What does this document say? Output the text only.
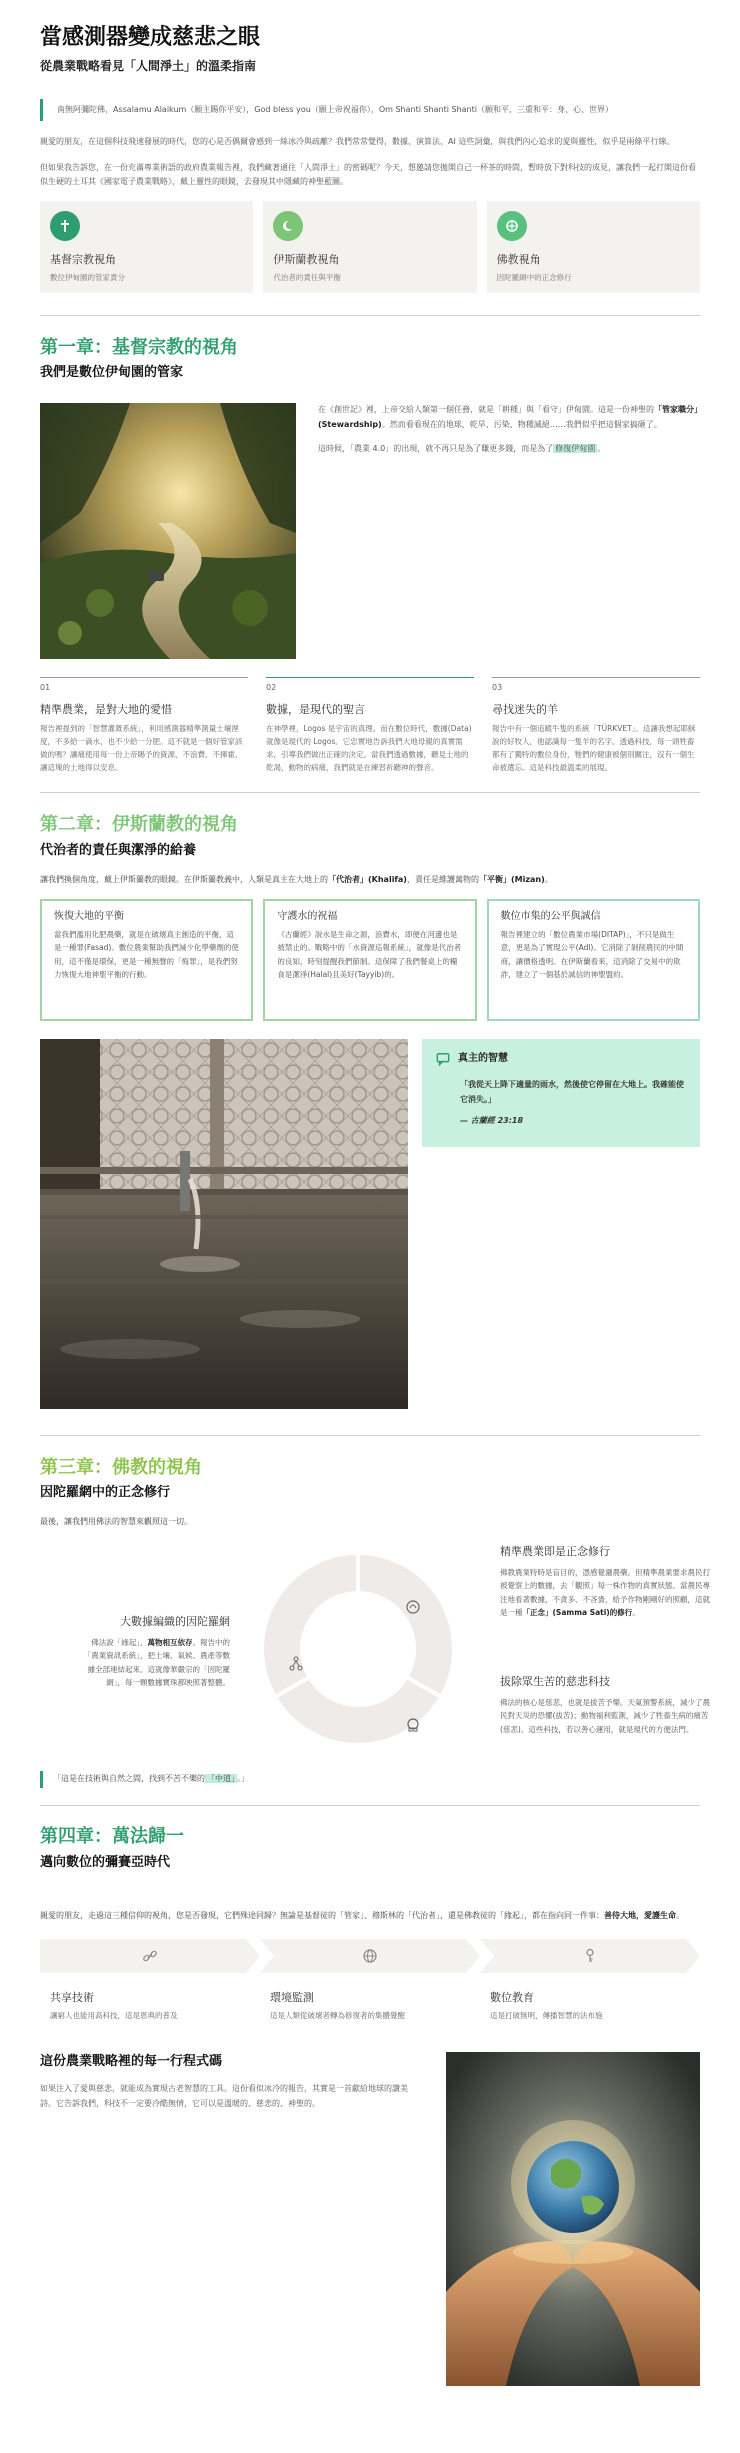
當感測器變成慈悲之眼
從農業戰略看見「人間淨土」的溫柔指南
南無阿彌陀佛，Assalamu Alaikum（願主賜你平安），God bless you（願上帝祝福你），Om Shanti Shanti Shanti（願和平，三重和平：身、心、世界）

親愛的朋友，在這個科技飛速發展的時代，您的心是否偶爾會感到一絲冰冷與疏離？我們常常覺得，數據、演算法、AI 這些詞彙，與我們內心追求的愛與靈性，似乎是兩條平行線。

但如果我告訴您，在一份充滿專業術語的政府農業報告裡，我們藏著通往「人間淨土」的密碼呢？今天，想邀請您拋開自己一杯茶的時間，暫時放下對科技的成見，讓我們一起打開這份看似生硬的土耳其《國家電子農業戰略》，戴上靈性的眼鏡，去發現其中隱藏的神聖藍圖。

基督宗教視角
數位伊甸園的管家責分
伊斯蘭教視角
代治者的責任與平衡
佛教視角
因陀羅網中的正念修行
第一章：基督宗教的視角
我們是數位伊甸園的管家

在《創世記》裡，上帝交給人類第一個任務，就是「耕種」與「看守」伊甸園。這是一份神聖的「管家職分」(Stewardship)。然而看看現在的地球，乾旱、污染、物種滅絕……我們似乎把這個家搞砸了。

這時候，「農業 4.0」的出現，就不再只是為了賺更多錢，而是為了 修復伊甸園 。

01
精準農業，是對大地的愛惜
報告裡提到的「智慧灌溉系統」，利用感測器精準測量土壤溼度，不多給一滴水，也不少給一分肥。這不就是一個好管家該做的嗎？讓痛使用每一份上帝賜予的資源，不浪費、不揮霍，讓這塊的土地得以安息。
02
數據，是現代的聖言
在神學裡，Logos 是宇宙的真理。而在數位時代，數據(Data)就像是現代的 Logos。它忠實地告訴我們大地母親的真實需求，引導我們做出正確的決定。當我們透過數據，聽見土地的乾渴，動物的病痛，我們就是在練習祈聽神的聲音。
03
尋找迷失的羊
報告中有一個追蹤牛隻的系統「TÜRKVET」。這讓我想起耶穌說的好牧人，他認識每一隻羊的名字。透過科技，每一頭牲畜都有了獨特的數位身份，牠們的健康被個別關注，沒有一個生命被遺忘。這是科技最溫柔的展現。
第二章：伊斯蘭教的視角
代治者的責任與潔淨的給養

讓我們換個角度，戴上伊斯蘭教的眼鏡。在伊斯蘭教義中，人類是真主在大地上的「代治者」(Khalifa)，責任是維護萬物的「平衡」(Mizan)。

恢復大地的平衡
當我們濫用化肥農藥，就是在破壞真主創造的平衡，這是一種罪(Fasad)。數位農業幫助我們減少化學藥劑的使用，這不僅是環保，更是一種無聲的「悔罪」，是我們努力恢復大地神聖平衡的行動。
守護水的祝福
《古蘭經》說水是生命之源，浪費水，即便在河邊也是被禁止的。戰略中的「水資源巡報系統」，就像是代治者的良知，時刻提醒我們節制。這保障了我們餐桌上的糧食是潔淨(Halal)且美好(Tayyib)的。
數位市集的公平與誠信
報告裡建立的「數位農業市場(DITAP)」，不只是做生意，更是為了實現公平(Adl)。它消除了剝削農民的中間商，讓價格透明。在伊斯蘭看來，這消除了交易中的欺詐，建立了一個基於誠信的神聖盟約。
真主的智慧
「我從天上降下適量的雨水，然後使它停留在大地上。我確能使它消失。」
— 古蘭經 23:18
第三章：佛教的視角
因陀羅網中的正念修行

最後，讓我們用佛法的智慧來觀照這一切。

大數據編織的因陀羅網
佛法說「緣起」，萬物相互依存。報告中的「農業資訊系統」，把土壤、氣候、農產等數據全部連結起來。這就像華嚴宗的「因陀羅網」，每一顆數據寶珠都映照著整體。
精準農業即是正念修行
佛教農業特時是盲目的，憑感覺灑農藥。但精準農業要求農民打被覺察上的數據，去「觀照」每一株作物的真實狀態。當農民專注地看著數據，不貪多、不吝嗇，給予作物剛剛好的照顧，這就是一種「正念」(Samma Sati)的修行。
拔除眾生苦的慈悲科技
佛法的核心是慈悲，也就是拔苦予樂。天氣預警系統，減少了農民對天災的恐懼(拔苦)；動物福利監測，減少了牲畜生病的痛苦(慈悲)。這些科技，若以善心運用，就是現代的方便法門。
「這是在技術與自然之間，找到不苦不樂的 「中道」 。」
第四章：萬法歸一
邁向數位的彌賽亞時代

親愛的朋友，走過這三種信仰的視角，您是否發現，它們殊途同歸？無論是基督徒的「管家」、穆斯林的「代治者」，還是佛教徒的「緣起」，都在指向同一件事：善待大地，愛護生命。

共享技術
讓窮人也能用高科技，這是恩典的普及
環境監測
這是人類從破壞者轉為修復者的集體覺醒
數位教育
這是打破無明，傳播智慧的法布施
這份農業戰略裡的每一行程式碼
如果注入了愛與慈悲，就能成為實現古老智慧的工具。這份看似冰冷的報告，其實是一首獻給地球的讚美詩。它告訴我們，科技不一定要冷酷無情，它可以是溫暖的、慈悲的、神聖的。
